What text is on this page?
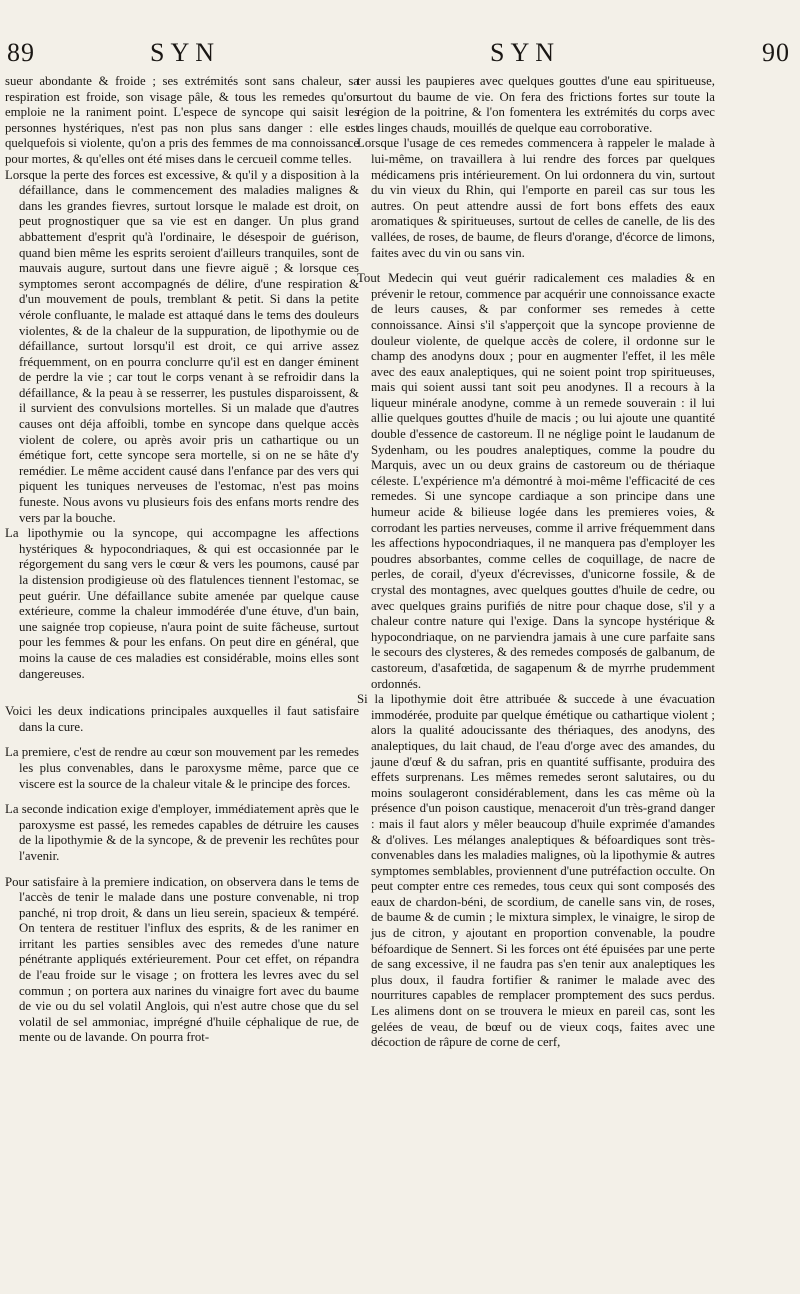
89	SYN	SYN	90

sueur abondante & froide ; ses extrémités sont sans chaleur, sa respiration est froide, son visage pâle, & tous les remedes qu'on emploie ne la raniment point. L'espece de syncope qui saisit les personnes hystériques, n'est pas non plus sans danger : elle est quelquefois si violente, qu'on a pris des femmes de ma connoissance pour mortes, & qu'elles ont été mises dans le cercueil comme telles.

Lorsque la perte des forces est excessive, & qu'il y a disposition à la défaillance, dans le commencement des maladies malignes & dans les grandes fievres, surtout lorsque le malade est droit, on peut prognostiquer que sa vie est en danger. Un plus grand abbattement d'esprit qu'à l'ordinaire, le désespoir de guérison, quand bien même les esprits seroient d'ailleurs tranquiles, sont de mauvais augure, surtout dans une fievre aiguë ; & lorsque ces symptomes seront accompagnés de délire, d'une respiration & d'un mouvement de pouls, tremblant & petit. Si dans la petite vérole confluante, le malade est attaqué dans le tems des douleurs violentes, & de la chaleur de la suppuration, de lipothymie ou de défaillance, surtout lorsqu'il est droit, ce qui arrive assez fréquemment, on en pourra conclurre qu'il est en danger éminent de perdre la vie ; car tout le corps venant à se refroidir dans la défaillance, & la peau à se resserrer, les pustules disparoissent, & il survient des convulsions mortelles. Si un malade que d'autres causes ont déja affoibli, tombe en syncope dans quelque accès violent de colere, ou après avoir pris un cathartique ou un émétique fort, cette syncope sera mortelle, si on ne se hâte d'y remédier. Le même accident causé dans l'enfance par des vers qui piquent les tuniques nerveuses de l'estomac, n'est pas moins funeste. Nous avons vu plusieurs fois des enfans morts rendre des vers par la bouche.

La lipothymie ou la syncope, qui accompagne les affections hystériques & hypocondriaques, & qui est occasionnée par le régorgement du sang vers le cœur & vers les poumons, causé par la distension prodigieuse où des flatulences tiennent l'estomac, se peut guérir. Une défaillance subite amenée par quelque cause extérieure, comme la chaleur immodérée d'une étuve, d'un bain, une saignée trop copieuse, n'aura point de suite fâcheuse, surtout pour les femmes & pour les enfans. On peut dire en général, que moins la cause de ces maladies est considérable, moins elles sont dangereuses.

Voici les deux indications principales auxquelles il faut satisfaire dans la cure.

La premiere, c'est de rendre au cœur son mouvement par les remedes les plus convenables, dans le paroxysme même, parce que ce viscere est la source de la chaleur vitale & le principe des forces.

La seconde indication exige d'employer, immédiatement après que le paroxysme est passé, les remedes capables de détruire les causes de la lipothymie & de la syncope, & de prevenir les rechûtes pour l'avenir.

Pour satisfaire à la premiere indication, on observera dans le tems de l'accès de tenir le malade dans une posture convenable, ni trop panché, ni trop droit, & dans un lieu serein, spacieux & tempéré. On tentera de restituer l'influx des esprits, & de les ranimer en irritant les parties sensibles avec des remedes d'une nature pénétrante appliqués extérieurement. Pour cet effet, on répandra de l'eau froide sur le visage ; on frottera les levres avec du sel commun ; on portera aux narines du vinaigre fort avec du baume de vie ou du sel volatil Anglois, qui n'est autre chose que du sel volatil de sel ammoniac, imprégné d'huile céphalique de rue, de mente ou de lavande. On pourra frot-

ter aussi les paupieres avec quelques gouttes d'une eau spiritueuse, surtout du baume de vie. On fera des frictions fortes sur toute la région de la poitrine, & l'on fomentera les extrémités du corps avec des linges chauds, mouillés de quelque eau corroborative.

Lorsque l'usage de ces remedes commencera à rappeler le malade à lui-même, on travaillera à lui rendre des forces par quelques médicamens pris intérieurement. On lui ordonnera du vin, surtout du vin vieux du Rhin, qui l'emporte en pareil cas sur tous les autres. On peut attendre aussi de fort bons effets des eaux aromatiques & spiritueuses, surtout de celles de canelle, de lis des vallées, de roses, de baume, de fleurs d'orange, d'écorce de limons, faites avec du vin ou sans vin.

Tout Medecin qui veut guérir radicalement ces maladies & en prévenir le retour, commence par acquérir une connoissance exacte de leurs causes, & par conformer ses remedes à cette connoissance. Ainsi s'il s'apperçoit que la syncope provienne de douleur violente, de quelque accès de colere, il ordonne sur le champ des anodyns doux ; pour en augmenter l'effet, il les mêle avec des eaux analeptiques, qui ne soient point trop spiritueuses, mais qui soient aussi tant soit peu anodynes. Il a recours à la liqueur minérale anodyne, comme à un remede souverain : il lui allie quelques gouttes d'huile de macis ; ou lui ajoute une quantité double d'essence de castoreum. Il ne néglige point le laudanum de Sydenham, ou les poudres analeptiques, comme la poudre du Marquis, avec un ou deux grains de castoreum ou de thériaque céleste. L'expérience m'a démontré à moi-même l'efficacité de ces remedes. Si une syncope cardiaque a son principe dans une humeur acide & bilieuse logée dans les premieres voies, & corrodant les parties nerveuses, comme il arrive fréquemment dans les affections hypocondriaques, il ne manquera pas d'employer les poudres absorbantes, comme celles de coquillage, de nacre de perles, de corail, d'yeux d'écrevisses, d'unicorne fossile, & de crystal des montagnes, avec quelques gouttes d'huile de cedre, ou avec quelques grains purifiés de nitre pour chaque dose, s'il y a chaleur contre nature qui l'exige. Dans la syncope hystérique & hypocondriaque, on ne parviendra jamais à une cure parfaite sans le secours des clysteres, & des remedes composés de galbanum, de castoreum, d'asafœtida, de sagapenum & de myrrhe prudemment ordonnés.

Si la lipothymie doit être attribuée & succede à une évacuation immodérée, produite par quelque émétique ou cathartique violent ; alors la qualité adoucissante des thériaques, des anodyns, des analeptiques, du lait chaud, de l'eau d'orge avec des amandes, du jaune d'œuf & du safran, pris en quantité suffisante, produira des effets surprenans. Les mêmes remedes seront salutaires, ou du moins soulageront considérablement, dans les cas même où la présence d'un poison caustique, menaceroit d'un très-grand danger : mais il faut alors y mêler beaucoup d'huile exprimée d'amandes & d'olives. Les mélanges analeptiques & béfoardiques sont très-convenables dans les maladies malignes, où la lipothymie & autres symptomes semblables, proviennent d'une putréfaction occulte. On peut compter entre ces remedes, tous ceux qui sont composés des eaux de chardon-béni, de scordium, de canelle sans vin, de roses, de baume & de cumin ; le mixtura simplex, le vinaigre, le sirop de jus de citron, y ajoutant en proportion convenable, la poudre béfoardique de Sennert. Si les forces ont été épuisées par une perte de sang excessive, il ne faudra pas s'en tenir aux analeptiques les plus doux, il faudra fortifier & ranimer le malade avec des nourritures capables de remplacer promptement des sucs perdus. Les alimens dont on se trouvera le mieux en pareil cas, sont les gelées de veau, de bœuf ou de vieux coqs, faites avec une décoction de râpure de corne de cerf,
